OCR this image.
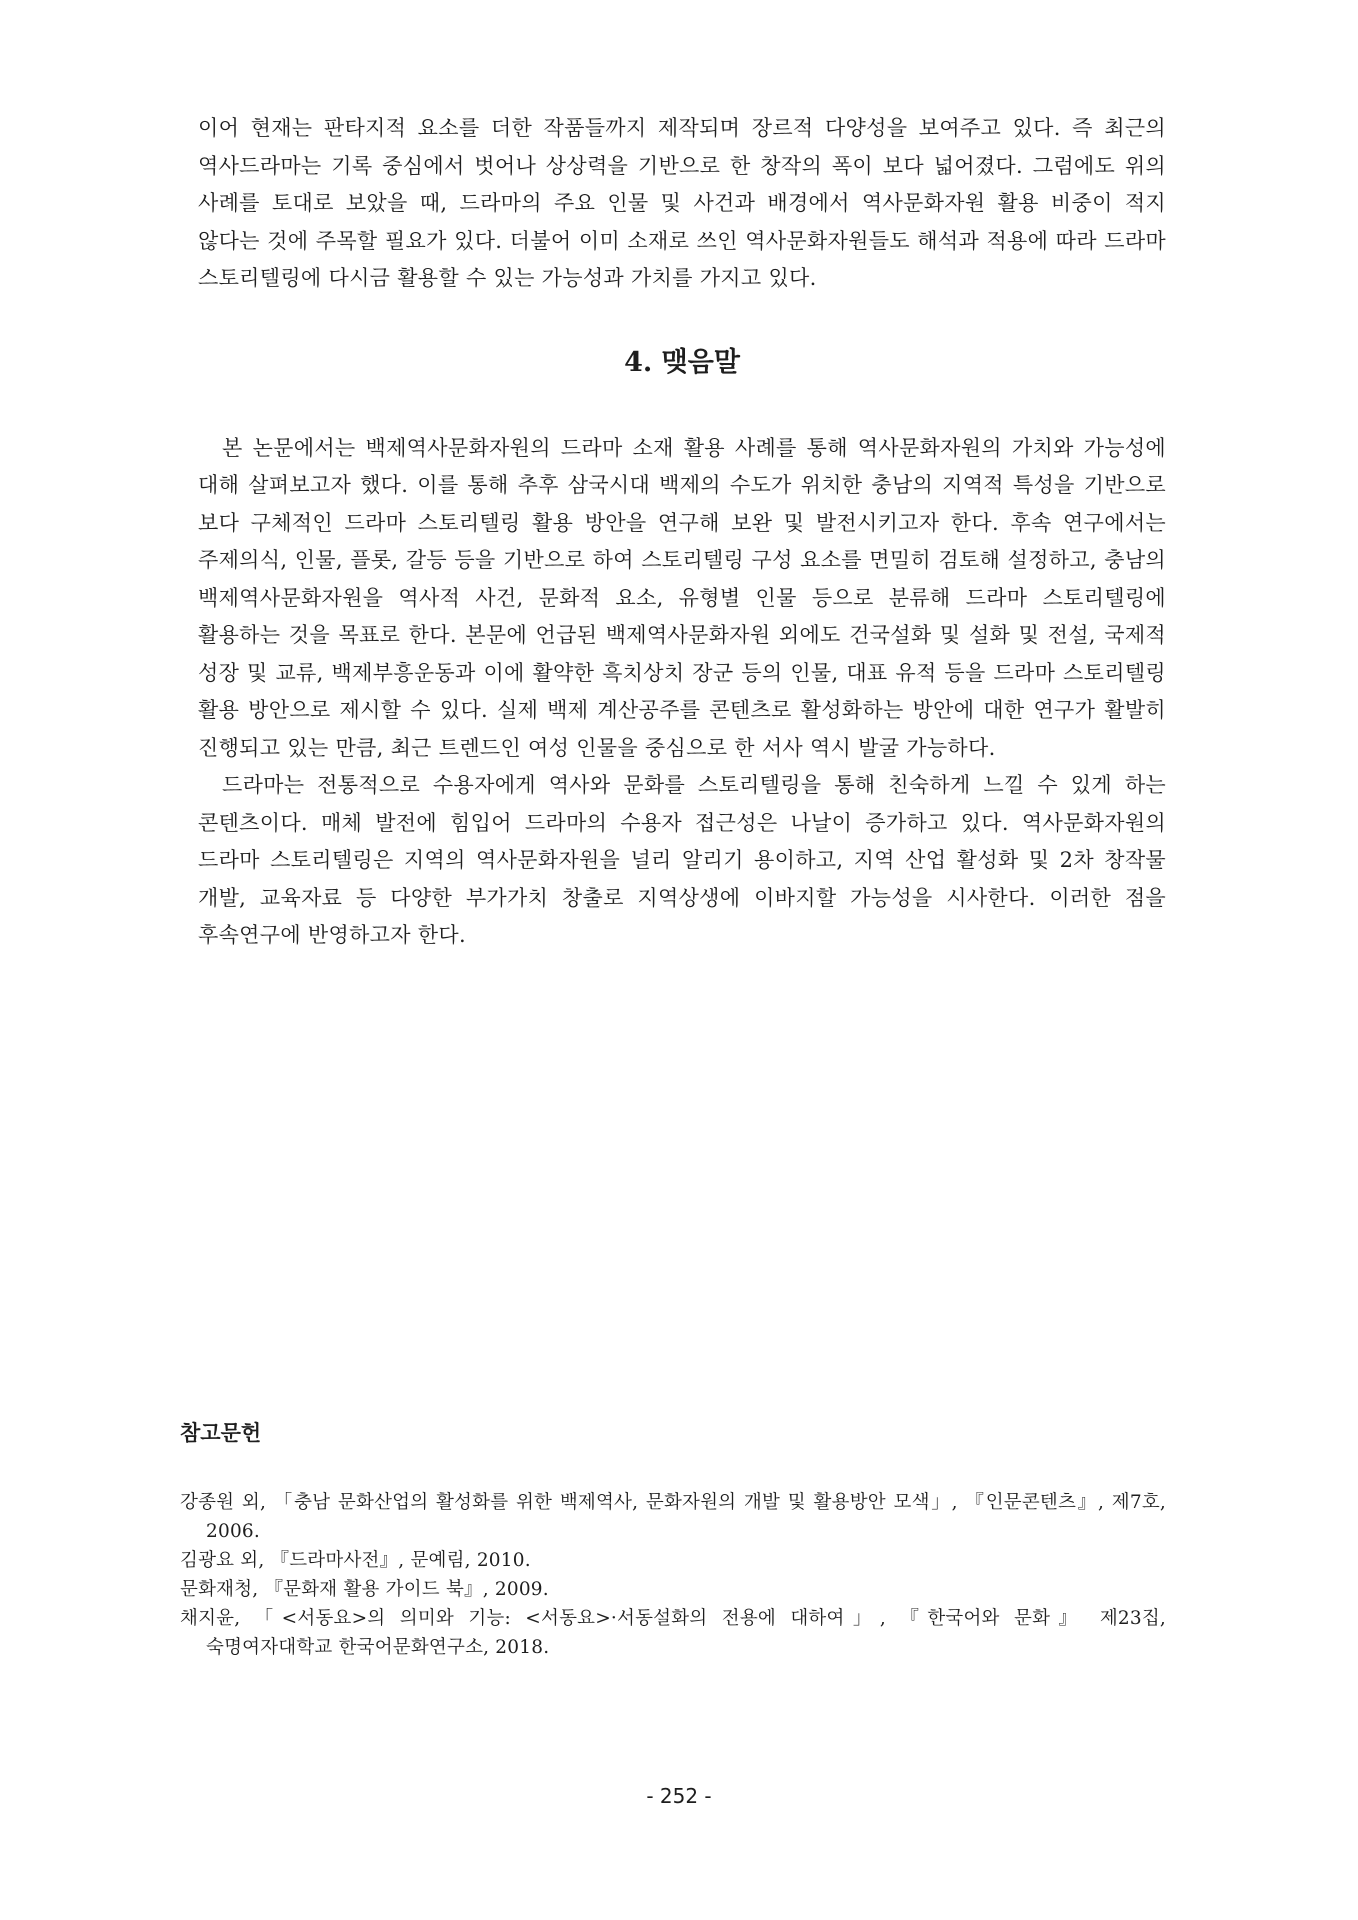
이어 현재는 판타지적 요소를 더한 작품들까지 제작되며 장르적 다양성을 보여주고 있다. 즉 최근의 역사드라마는 기록 중심에서 벗어나 상상력을 기반으로 한 창작의 폭이 보다 넓어졌다. 그럼에도 위의 사례를 토대로 보았을 때, 드라마의 주요 인물 및 사건과 배경에서 역사문화자원 활용 비중이 적지 않다는 것에 주목할 필요가 있다. 더불어 이미 소재로 쓰인 역사문화자원들도 해석과 적용에 따라 드라마 스토리텔링에 다시금 활용할 수 있는 가능성과 가치를 가지고 있다.

4. 맺음말

본 논문에서는 백제역사문화자원의 드라마 소재 활용 사례를 통해 역사문화자원의 가치와 가능성에 대해 살펴보고자 했다. 이를 통해 추후 삼국시대 백제의 수도가 위치한 충남의 지역적 특성을 기반으로 보다 구체적인 드라마 스토리텔링 활용 방안을 연구해 보완 및 발전시키고자 한다. 후속 연구에서는 주제의식, 인물, 플롯, 갈등 등을 기반으로 하여 스토리텔링 구성 요소를 면밀히 검토해 설정하고, 충남의 백제역사문화자원을 역사적 사건, 문화적 요소, 유형별 인물 등으로 분류해 드라마 스토리텔링에 활용하는 것을 목표로 한다. 본문에 언급된 백제역사문화자원 외에도 건국설화 및 설화 및 전설, 국제적 성장 및 교류, 백제부흥운동과 이에 활약한 흑치상치 장군 등의 인물, 대표 유적 등을 드라마 스토리텔링 활용 방안으로 제시할 수 있다. 실제 백제 계산공주를 콘텐츠로 활성화하는 방안에 대한 연구가 활발히 진행되고 있는 만큼, 최근 트렌드인 여성 인물을 중심으로 한 서사 역시 발굴 가능하다.

드라마는 전통적으로 수용자에게 역사와 문화를 스토리텔링을 통해 친숙하게 느낄 수 있게 하는 콘텐츠이다. 매체 발전에 힘입어 드라마의 수용자 접근성은 나날이 증가하고 있다. 역사문화자원의 드라마 스토리텔링은 지역의 역사문화자원을 널리 알리기 용이하고, 지역 산업 활성화 및 2차 창작물 개발, 교육자료 등 다양한 부가가치 창출로 지역상생에 이바지할 가능성을 시사한다. 이러한 점을 후속연구에 반영하고자 한다.

참고문헌
강종원 외, 「충남 문화산업의 활성화를 위한 백제역사, 문화자원의 개발 및 활용방안 모색」, 『인문콘텐츠』, 제7호, 2006.
김광요 외, 『드라마사전』, 문예림, 2010.
문화재청, 『문화재 활용 가이드 북』, 2009.
채지윤, 「<서동요>의 의미와 기능: <서동요>·서동설화의 전용에 대하여」, 『한국어와 문화』 제23집, 숙명여자대학교 한국어문화연구소, 2018.
- 252 -
